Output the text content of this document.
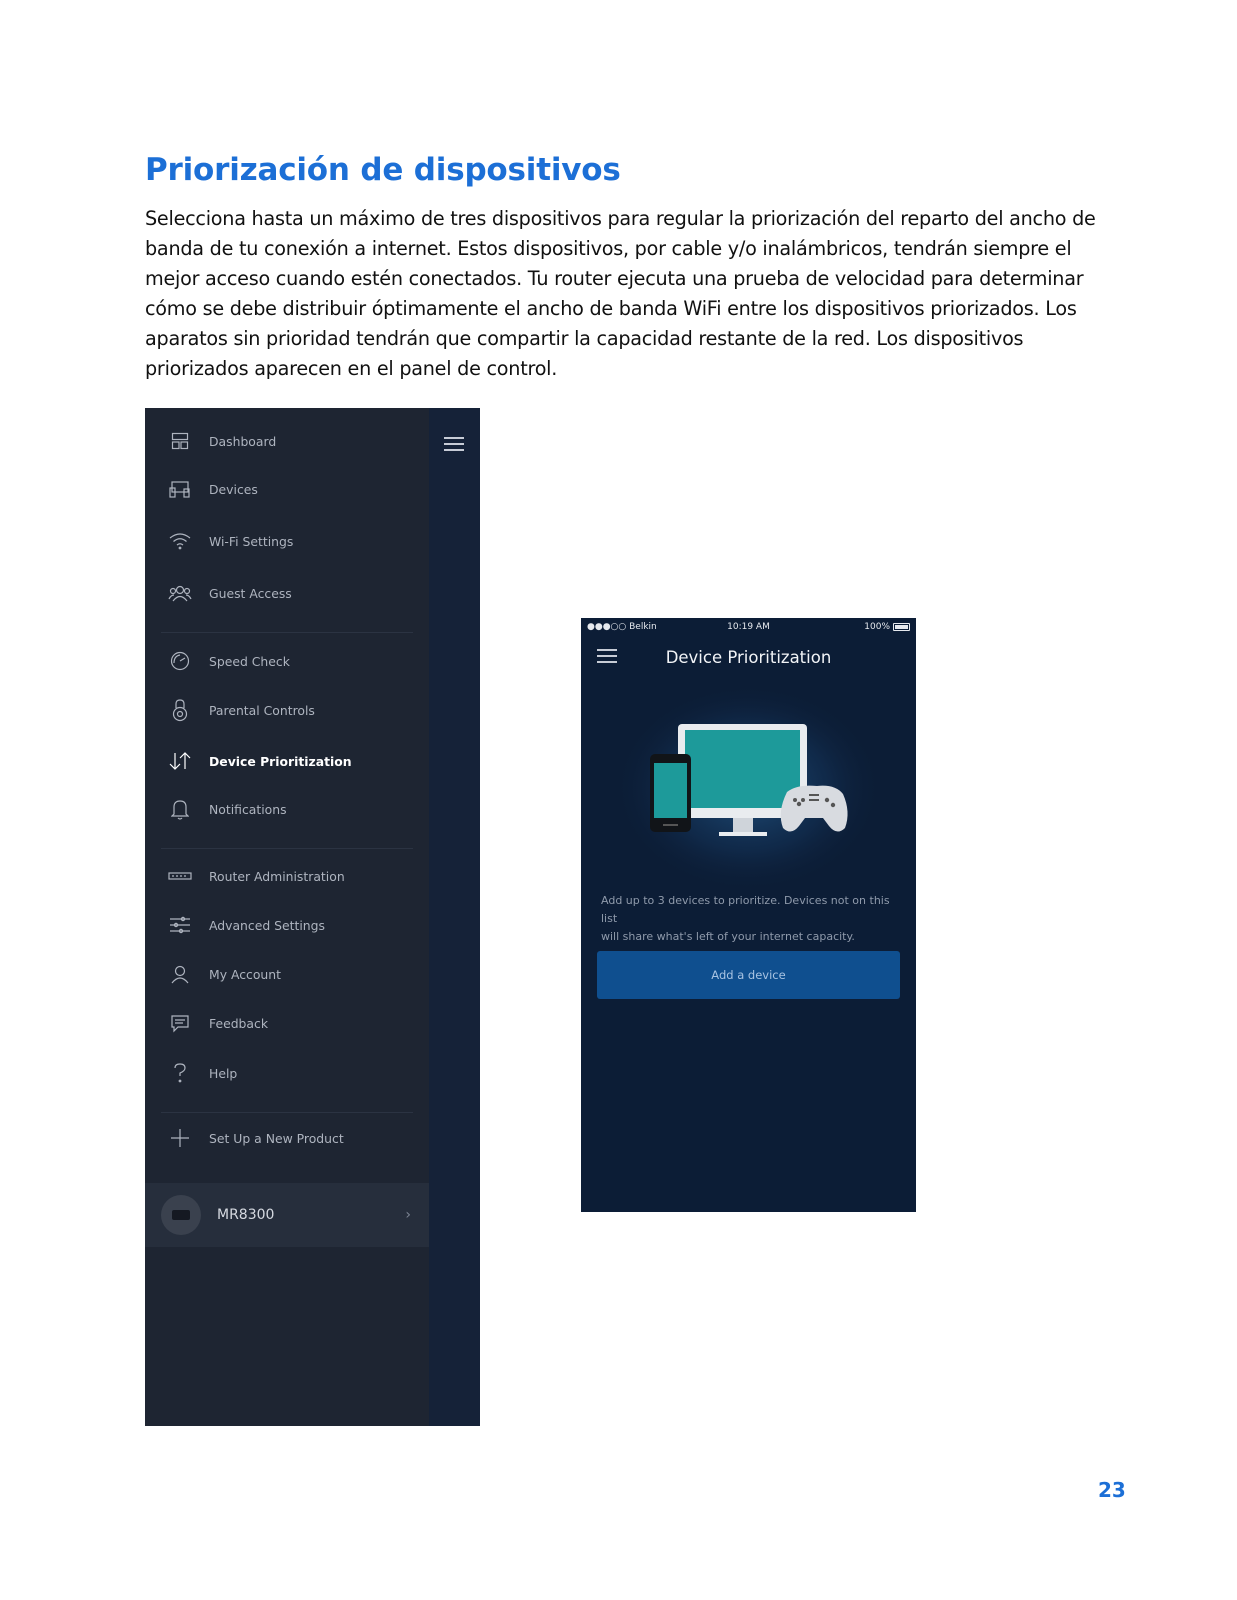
Priorización de dispositivos
Selecciona hasta un máximo de tres dispositivos para regular la priorización del reparto del ancho de
banda de tu conexión a internet. Estos dispositivos, por cable y/o inalámbricos, tendrán siempre el
mejor acceso cuando estén conectados. Tu router ejecuta una prueba de velocidad para determinar
cómo se debe distribuir óptimamente el ancho de banda WiFi entre los dispositivos priorizados. Los
aparatos sin prioridad tendrán que compartir la capacidad restante de la red. Los dispositivos
priorizados aparecen en el panel de control.
Dashboard
Devices
Wi-Fi Settings
Guest Access
Speed Check
Parental Controls
Device Prioritization
Notifications
Router Administration
Advanced Settings
My Account
Feedback
Help
Set Up a New Product
MR8300	›
●●●○○ Belkin	10:19 AM	100%
Device Prioritization
Add up to 3 devices to prioritize. Devices not on this list
will share what's left of your internet capacity.
Add a device
23
